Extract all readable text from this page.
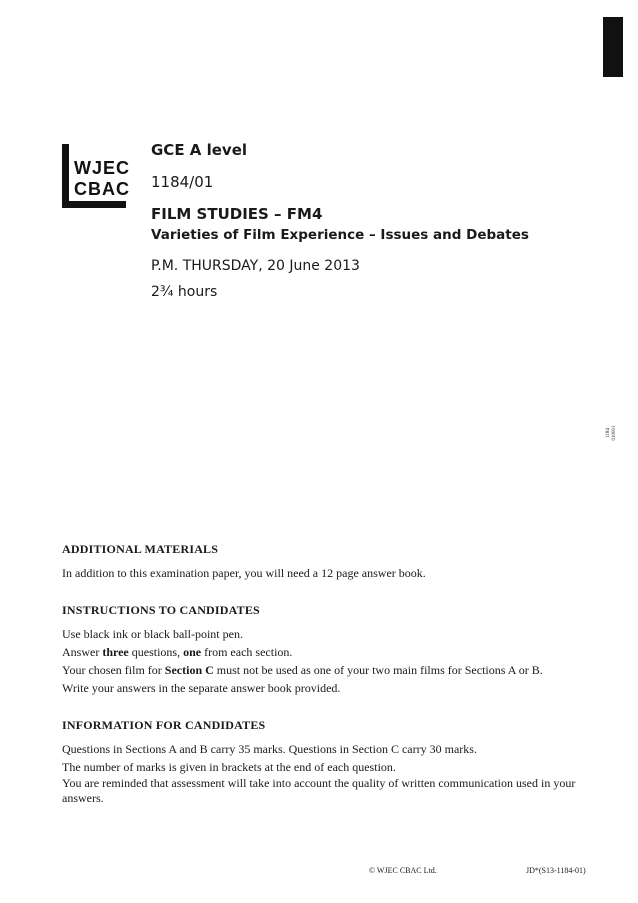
1184 010001
WJEC
CBAC
GCE A level
1184/01
FILM STUDIES – FM4
Varieties of Film Experience – Issues and Debates
P.M. THURSDAY, 20 June 2013
2¾ hours
ADDITIONAL MATERIALS

In addition to this examination paper, you will need a 12 page answer book.

INSTRUCTIONS TO CANDIDATES

Use black ink or black ball-point pen.

Answer three questions, one from each section.

Your chosen film for Section C must not be used as one of your two main films for Sections A or B.

Write your answers in the separate answer book provided.

INFORMATION FOR CANDIDATES

Questions in Sections A and B carry 35 marks. Questions in Section C carry 30 marks.

The number of marks is given in brackets at the end of each question.

You are reminded that assessment will take into account the quality of written communication used in your answers.

© WJEC CBAC Ltd.	JD*(S13-1184-01)
